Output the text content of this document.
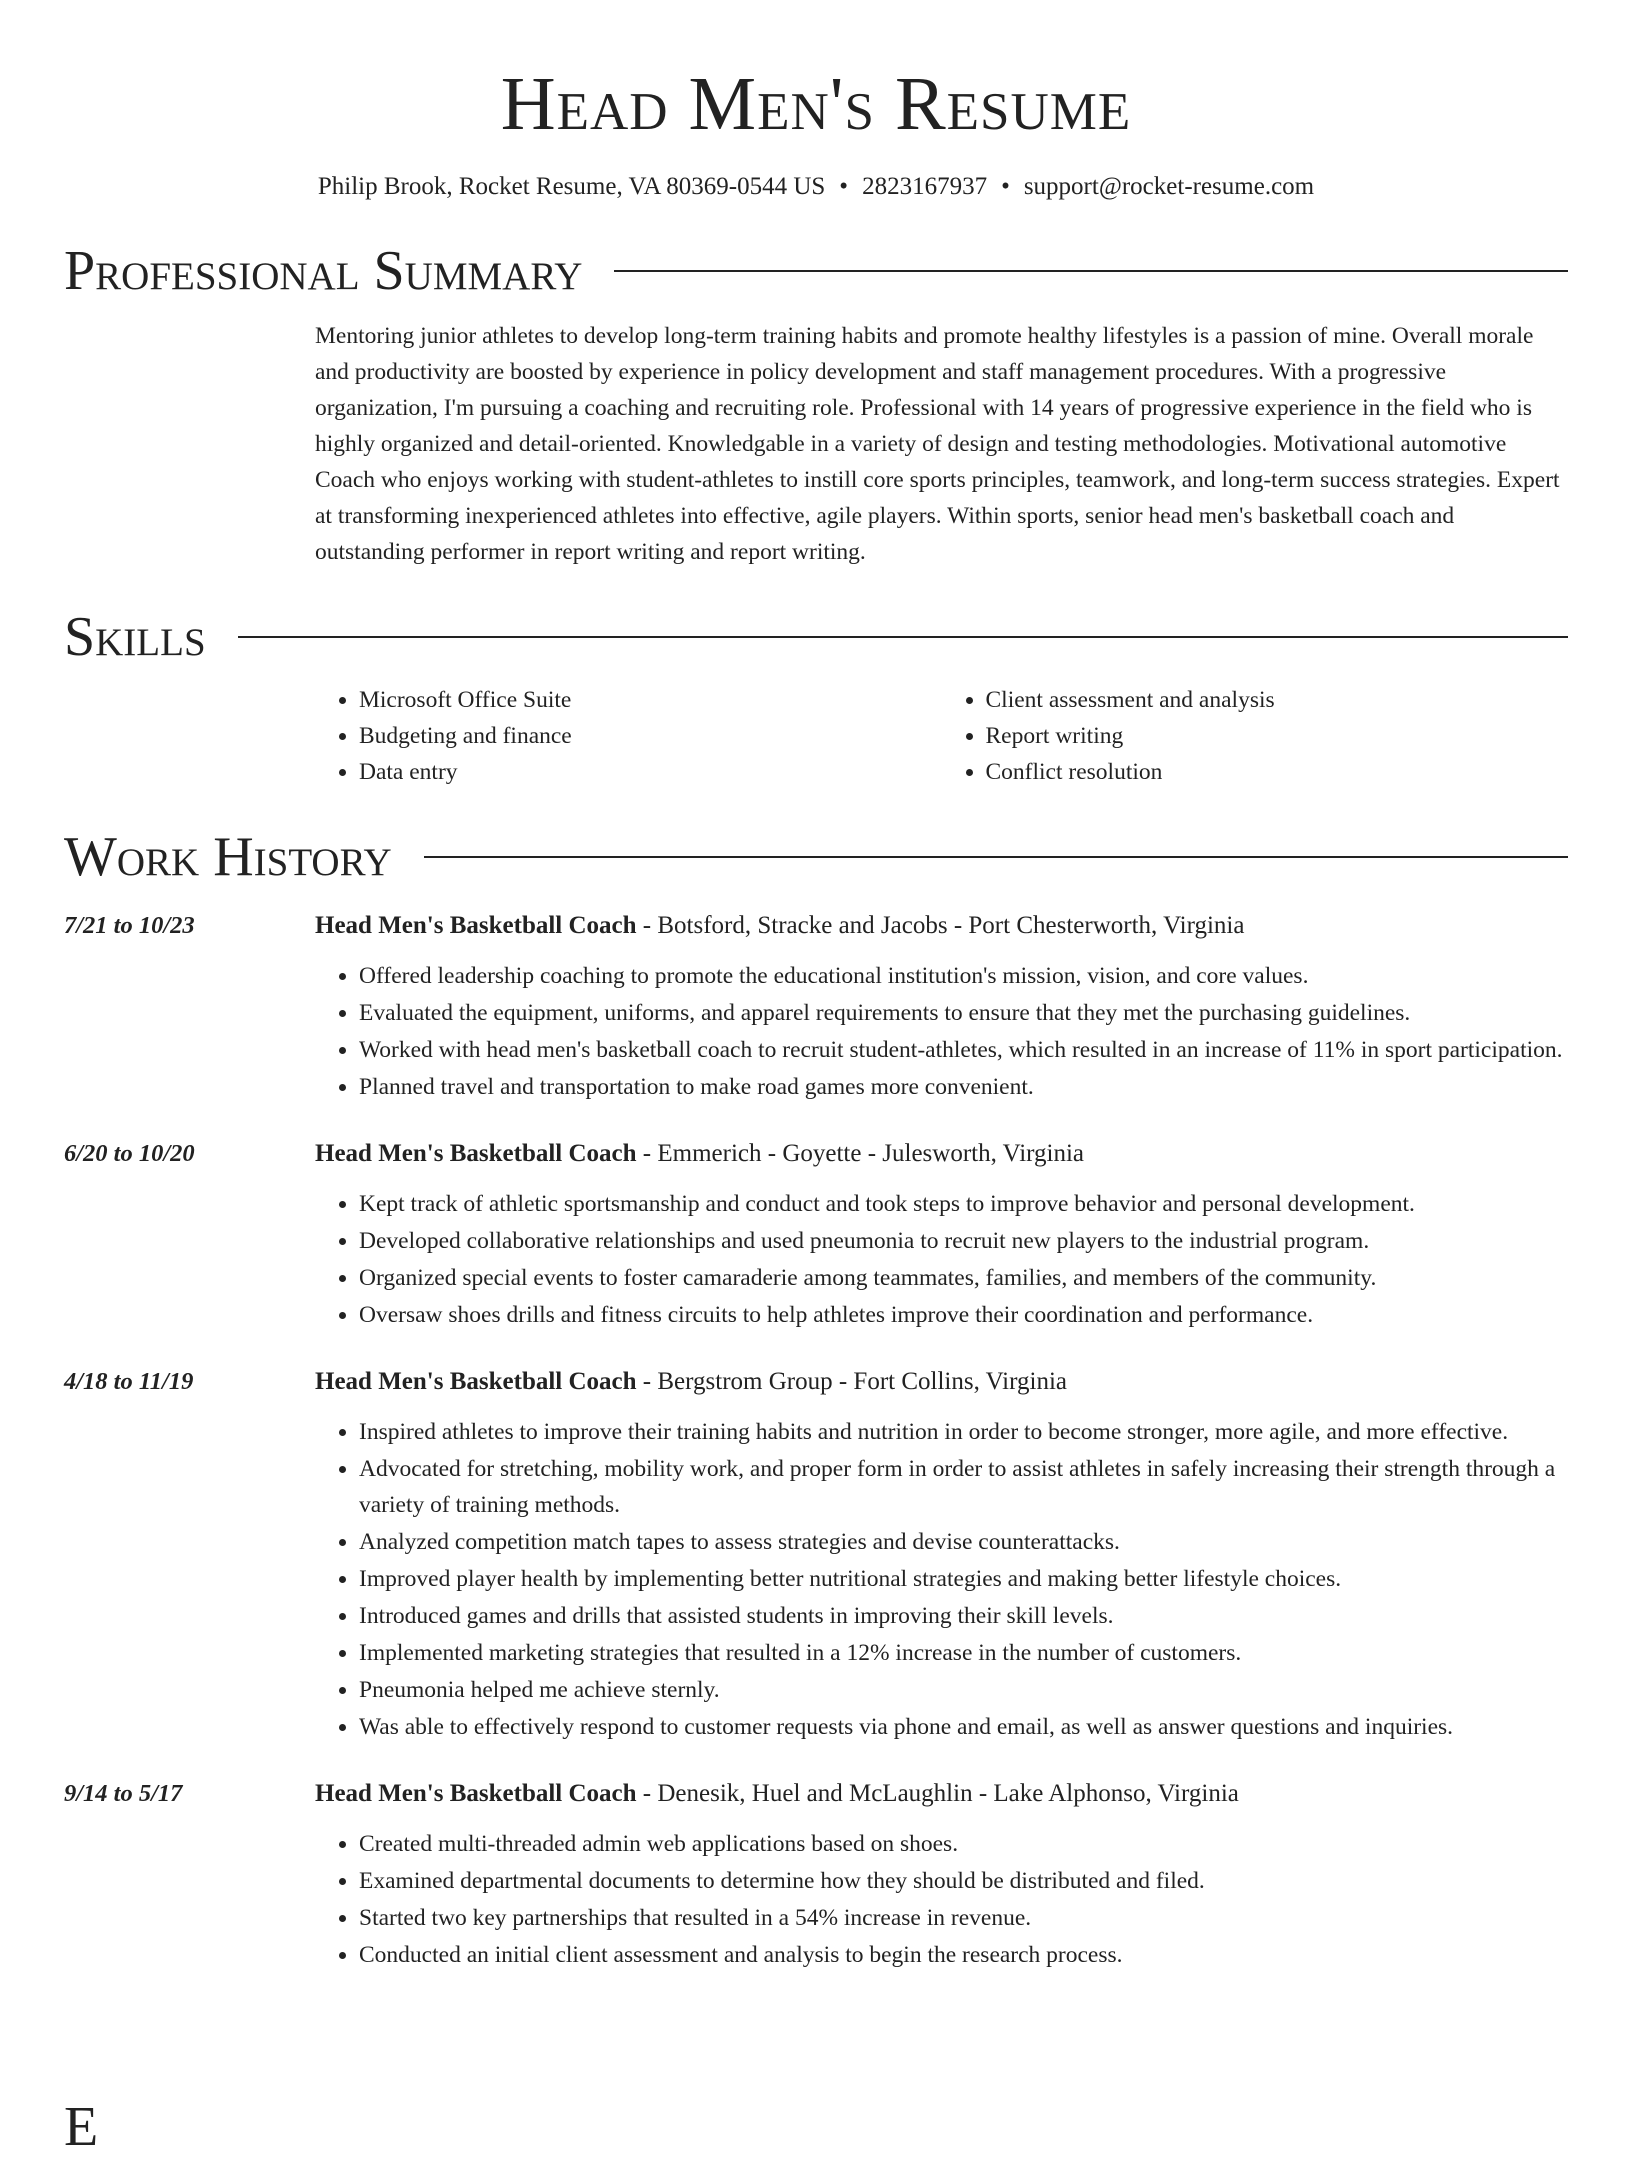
Head Men's Resume
Philip Brook, Rocket Resume, VA 80369-0544 US • 2823167937 • support@rocket-resume.com
Professional Summary

Mentoring junior athletes to develop long-term training habits and promote healthy lifestyles is a passion of mine. Overall morale and productivity are boosted by experience in policy development and staff management procedures. With a progressive organization, I'm pursuing a coaching and recruiting role. Professional with 14 years of progressive experience in the field who is highly organized and detail-oriented. Knowledgable in a variety of design and testing methodologies. Motivational automotive Coach who enjoys working with student-athletes to instill core sports principles, teamwork, and long-term success strategies. Expert at transforming inexperienced athletes into effective, agile players. Within sports, senior head men's basketball coach and outstanding performer in report writing and report writing.

Skills
• Microsoft Office Suite
• Budgeting and finance
• Data entry
• Client assessment and analysis
• Report writing
• Conflict resolution
Work History
7/21 to 10/23	Head Men's Basketball Coach - Botsford, Stracke and Jacobs - Port Chesterworth, Virginia
• Offered leadership coaching to promote the educational institution's mission, vision, and core values.
• Evaluated the equipment, uniforms, and apparel requirements to ensure that they met the purchasing guidelines.
• Worked with head men's basketball coach to recruit student-athletes, which resulted in an increase of 11% in sport participation.
• Planned travel and transportation to make road games more convenient.
6/20 to 10/20	Head Men's Basketball Coach - Emmerich - Goyette - Julesworth, Virginia
• Kept track of athletic sportsmanship and conduct and took steps to improve behavior and personal development.
• Developed collaborative relationships and used pneumonia to recruit new players to the industrial program.
• Organized special events to foster camaraderie among teammates, families, and members of the community.
• Oversaw shoes drills and fitness circuits to help athletes improve their coordination and performance.
4/18 to 11/19	Head Men's Basketball Coach - Bergstrom Group - Fort Collins, Virginia
• Inspired athletes to improve their training habits and nutrition in order to become stronger, more agile, and more effective.
• Advocated for stretching, mobility work, and proper form in order to assist athletes in safely increasing their strength through a variety of training methods.
• Analyzed competition match tapes to assess strategies and devise counterattacks.
• Improved player health by implementing better nutritional strategies and making better lifestyle choices.
• Introduced games and drills that assisted students in improving their skill levels.
• Implemented marketing strategies that resulted in a 12% increase in the number of customers.
• Pneumonia helped me achieve sternly.
• Was able to effectively respond to customer requests via phone and email, as well as answer questions and inquiries.
9/14 to 5/17	Head Men's Basketball Coach - Denesik, Huel and McLaughlin - Lake Alphonso, Virginia
• Created multi-threaded admin web applications based on shoes.
• Examined departmental documents to determine how they should be distributed and filed.
• Started two key partnerships that resulted in a 54% increase in revenue.
• Conducted an initial client assessment and analysis to begin the research process.
E
